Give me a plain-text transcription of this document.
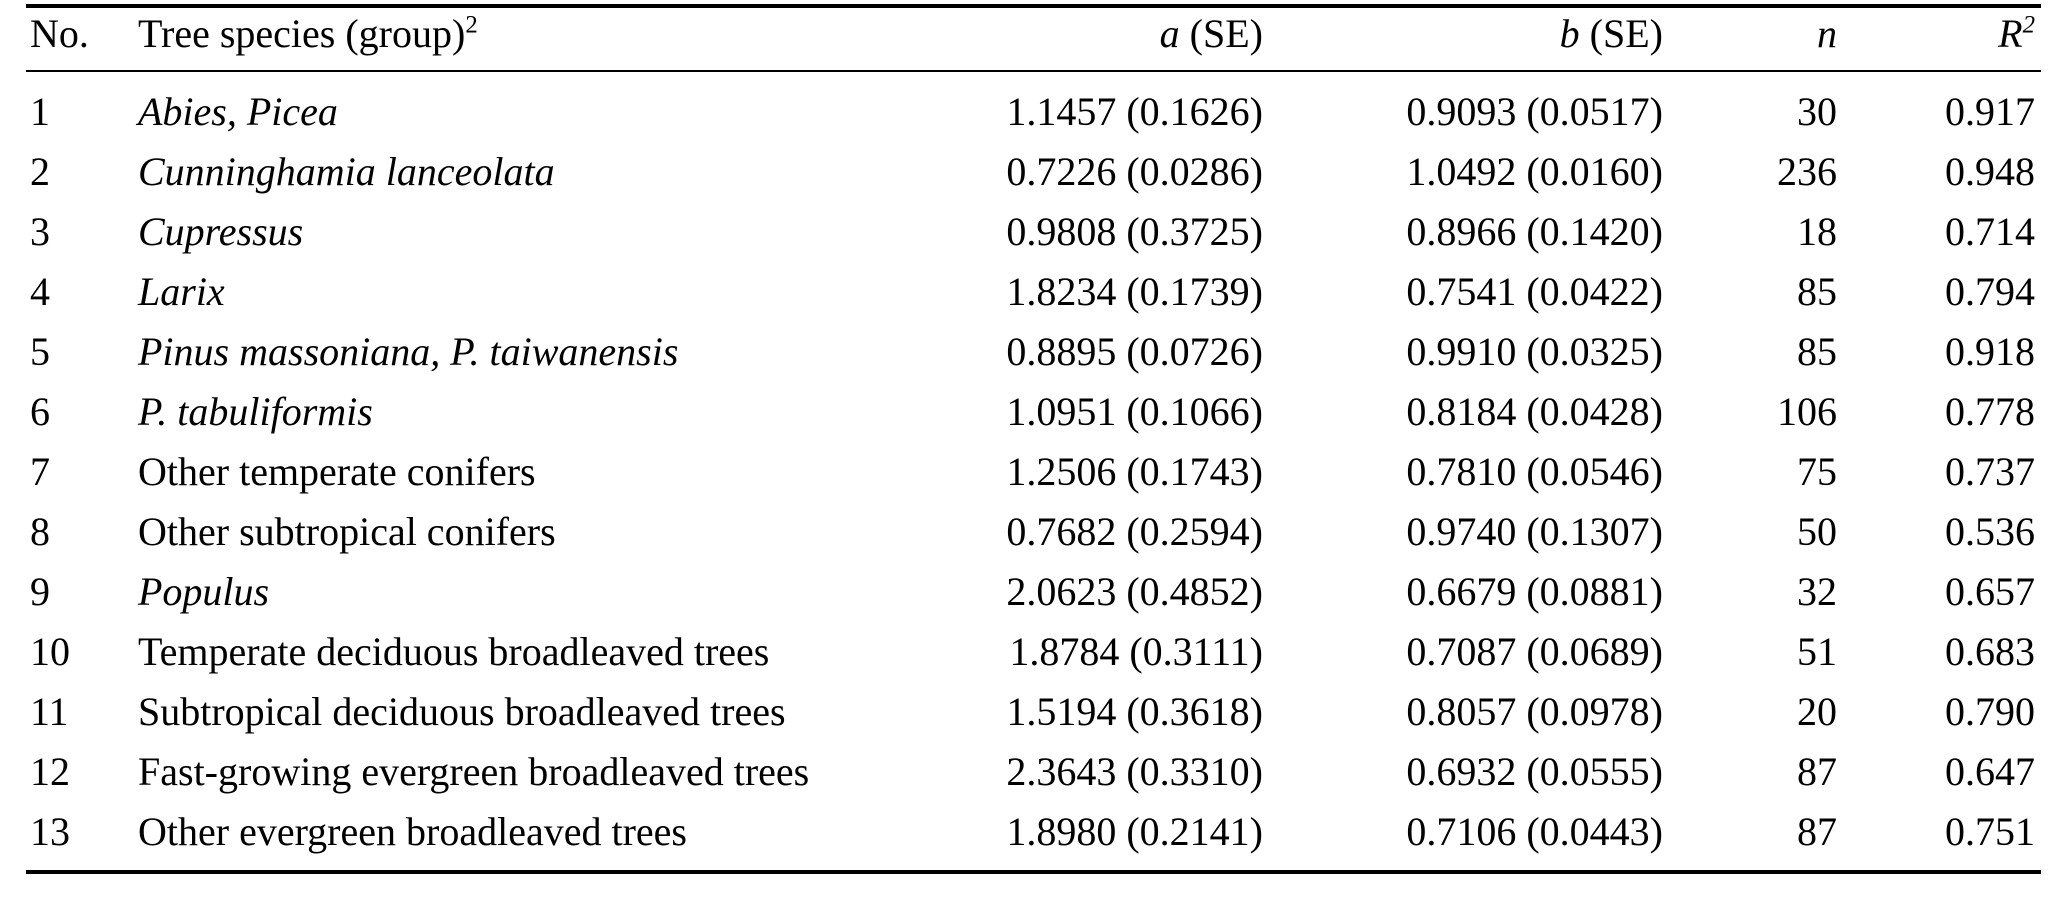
No.	Tree species (group)$^2$	a (SE)	b (SE)	n	$R^2$
1	Abies, Picea	1.1457 (0.1626)	0.9093 (0.0517)	30	0.917
2	Cunninghamia lanceolata	0.7226 (0.0286)	1.0492 (0.0160)	236	0.948
3	Cupressus	0.9808 (0.3725)	0.8966 (0.1420)	18	0.714
4	Larix	1.8234 (0.1739)	0.7541 (0.0422)	85	0.794
5	Pinus massoniana, P. taiwanensis	0.8895 (0.0726)	0.9910 (0.0325)	85	0.918
6	P. tabuliformis	1.0951 (0.1066)	0.8184 (0.0428)	106	0.778
7	Other temperate conifers	1.2506 (0.1743)	0.7810 (0.0546)	75	0.737
8	Other subtropical conifers	0.7682 (0.2594)	0.9740 (0.1307)	50	0.536
9	Populus	2.0623 (0.4852)	0.6679 (0.0881)	32	0.657
10	Temperate deciduous broadleaved trees	1.8784 (0.3111)	0.7087 (0.0689)	51	0.683
11	Subtropical deciduous broadleaved trees	1.5194 (0.3618)	0.8057 (0.0978)	20	0.790
12	Fast-growing evergreen broadleaved trees	2.3643 (0.3310)	0.6932 (0.0555)	87	0.647
13	Other evergreen broadleaved trees	1.8980 (0.2141)	0.7106 (0.0443)	87	0.751
